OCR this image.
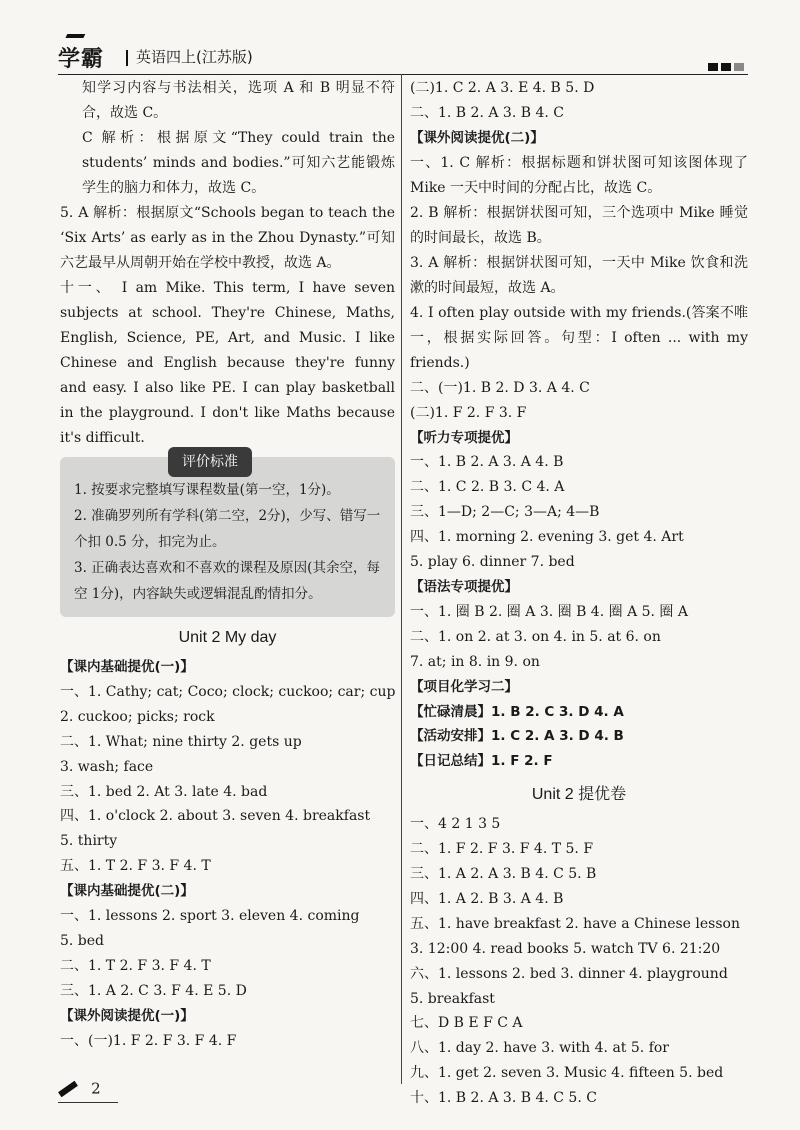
学霸	英语四上(江苏版)

知学习内容与书法相关，选项 A 和 B 明显不符合，故选 C。

C 解析：根据原文“They could train the students’ minds and bodies.”可知六艺能锻炼学生的脑力和体力，故选 C。

5. A 解析：根据原文“Schools began to teach the ‘Six Arts’ as early as in the Zhou Dynasty.”可知六艺最早从周朝开始在学校中教授，故选 A。

十一、 I am Mike. This term, I have seven subjects at school. They're Chinese, Maths, English, Science, PE, Art, and Music. I like Chinese and English because they're funny and easy. I also like PE. I can play basketball in the playground. I don't like Maths because it's difficult.

评价标准

1. 按要求完整填写课程数量(第一空，1分)。

2. 准确罗列所有学科(第二空，2分)，少写、错写一个扣 0.5 分，扣完为止。

3. 正确表达喜欢和不喜欢的课程及原因(其余空，每空 1分)，内容缺失或逻辑混乱酌情扣分。

Unit 2 My day
【课内基础提优(一)】
一、1. Cathy; cat; Coco; clock; cuckoo; car; cup
2. cuckoo; picks; rock
二、1. What; nine thirty 2. gets up
3. wash; face
三、1. bed 2. At 3. late 4. bad
四、1. o'clock 2. about 3. seven 4. breakfast
5. thirty
五、1. T 2. F 3. F 4. T
【课内基础提优(二)】
一、1. lessons 2. sport 3. eleven 4. coming
5. bed
二、1. T 2. F 3. F 4. T
三、1. A 2. C 3. F 4. E 5. D
【课外阅读提优(一)】
一、(一)1. F 2. F 3. F 4. F
(二)1. C 2. A 3. E 4. B 5. D
二、1. B 2. A 3. B 4. C
【课外阅读提优(二)】

一、1. C 解析：根据标题和饼状图可知该图体现了 Mike 一天中时间的分配占比，故选 C。

2. B 解析：根据饼状图可知，三个选项中 Mike 睡觉的时间最长，故选 B。

3. A 解析：根据饼状图可知，一天中 Mike 饮食和洗漱的时间最短，故选 A。

4. I often play outside with my friends.(答案不唯一，根据实际回答。句型：I often ... with my friends.)

二、(一)1. B 2. D 3. A 4. C
(二)1. F 2. F 3. F
【听力专项提优】
一、1. B 2. A 3. A 4. B
二、1. C 2. B 3. C 4. A
三、1—D; 2—C; 3—A; 4—B
四、1. morning 2. evening 3. get 4. Art
5. play 6. dinner 7. bed
【语法专项提优】
一、1. 圈 B 2. 圈 A 3. 圈 B 4. 圈 A 5. 圈 A
二、1. on 2. at 3. on 4. in 5. at 6. on
7. at; in 8. in 9. on
【项目化学习二】
【忙碌清晨】1. B 2. C 3. D 4. A
【活动安排】1. C 2. A 3. D 4. B
【日记总结】1. F 2. F
Unit 2 提优卷
一、4 2 1 3 5
二、1. F 2. F 3. F 4. T 5. F
三、1. A 2. A 3. B 4. C 5. B
四、1. A 2. B 3. A 4. B
五、1. have breakfast 2. have a Chinese lesson
3. 12:00 4. read books 5. watch TV 6. 21:20
六、1. lessons 2. bed 3. dinner 4. playground
5. breakfast
七、D B E F C A
八、1. day 2. have 3. with 4. at 5. for
九、1. get 2. seven 3. Music 4. fifteen 5. bed
十、1. B 2. A 3. B 4. C 5. C
2
